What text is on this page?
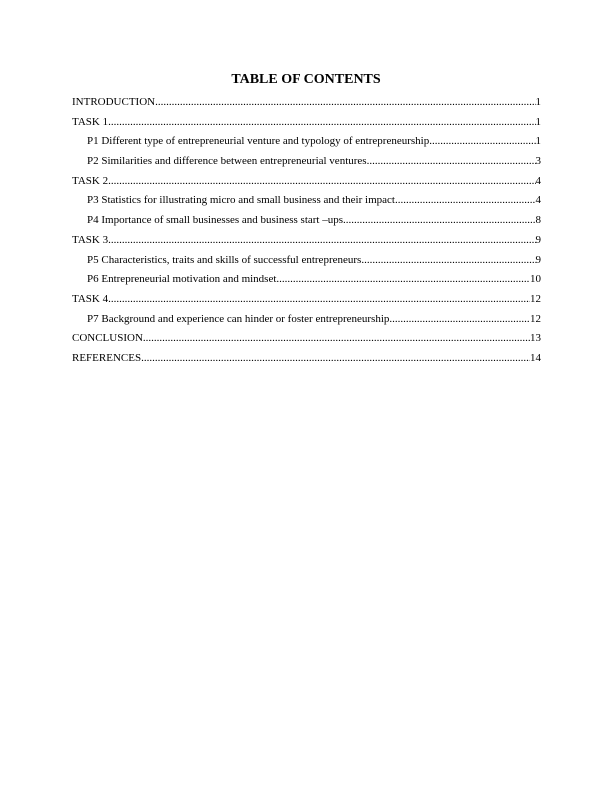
TABLE OF CONTENTS
INTRODUCTION .....	1
TASK 1 .....	1
P1 Different type of entrepreneurial venture and typology of entrepreneurship .....	1
P2 Similarities and difference between entrepreneurial ventures .....	3
TASK 2 .....	4
P3 Statistics for illustrating micro and small business and their impact .....	4
P4 Importance of small businesses and business start –ups .....	8
TASK 3 .....	9
P5 Characteristics, traits and skills of successful entrepreneurs .....	9
P6 Entrepreneurial motivation and mindset .....	10
TASK 4 .....	12
P7 Background and experience can hinder or foster entrepreneurship .....	12
CONCLUSION .....	13
REFERENCES .....	14
